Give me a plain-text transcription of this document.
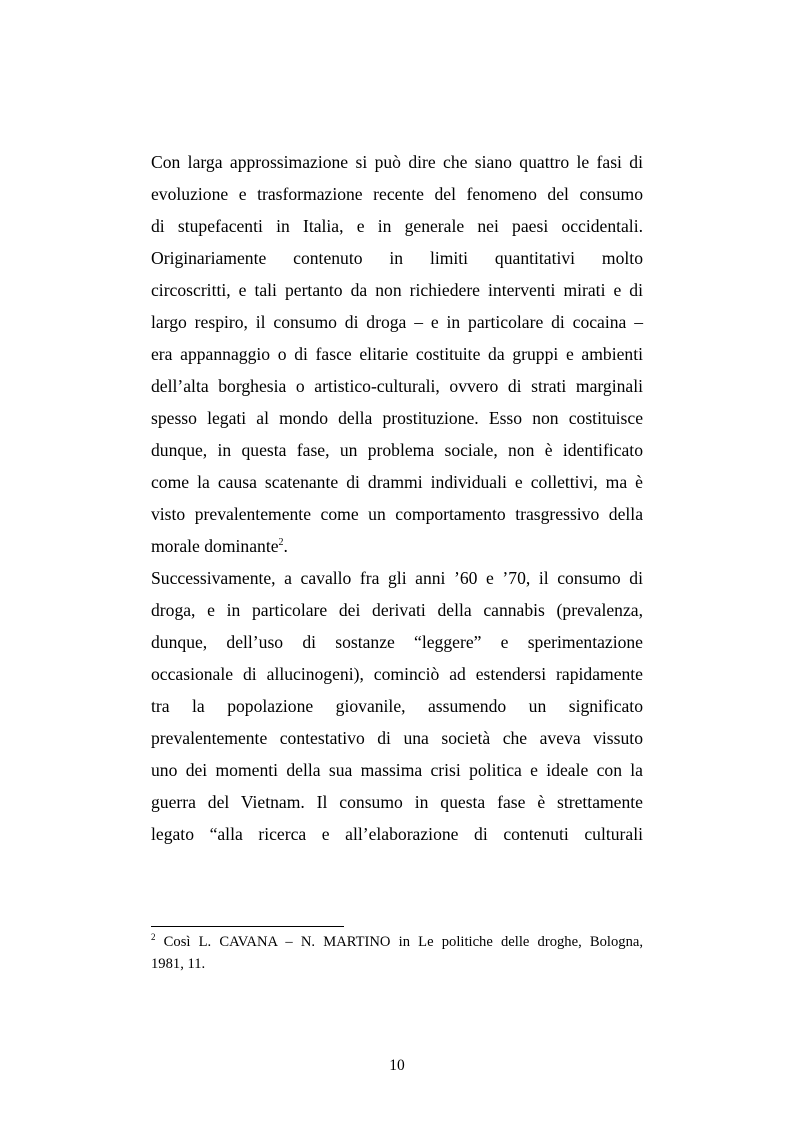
Con larga approssimazione si può dire che siano quattro le fasi di
evoluzione e trasformazione recente del fenomeno del consumo
di stupefacenti in Italia, e in generale nei paesi occidentali.
Originariamente contenuto in limiti quantitativi molto
circoscritti, e tali pertanto da non richiedere interventi mirati e di
largo respiro, il consumo di droga – e in particolare di cocaina –
era appannaggio o di fasce elitarie costituite da gruppi e ambienti
dell’alta borghesia o artistico-culturali, ovvero di strati marginali
spesso legati al mondo della prostituzione. Esso non costituisce
dunque, in questa fase, un problema sociale, non è identificato
come la causa scatenante di drammi individuali e collettivi, ma è
visto prevalentemente come un comportamento trasgressivo della
morale dominante$^2$.
Successivamente, a cavallo fra gli anni ’60 e ’70, il consumo di
droga, e in particolare dei derivati della cannabis (prevalenza,
dunque, dell’uso di sostanze “leggere” e sperimentazione
occasionale di allucinogeni), cominciò ad estendersi rapidamente
tra la popolazione giovanile, assumendo un significato
prevalentemente contestativo di una società che aveva vissuto
uno dei momenti della sua massima crisi politica e ideale con la
guerra del Vietnam. Il consumo in questa fase è strettamente
legato “alla ricerca e all’elaborazione di contenuti culturali
$^2$ Così L. CAVANA – N. MARTINO in Le politiche delle droghe, Bologna,
1981, 11.
10
